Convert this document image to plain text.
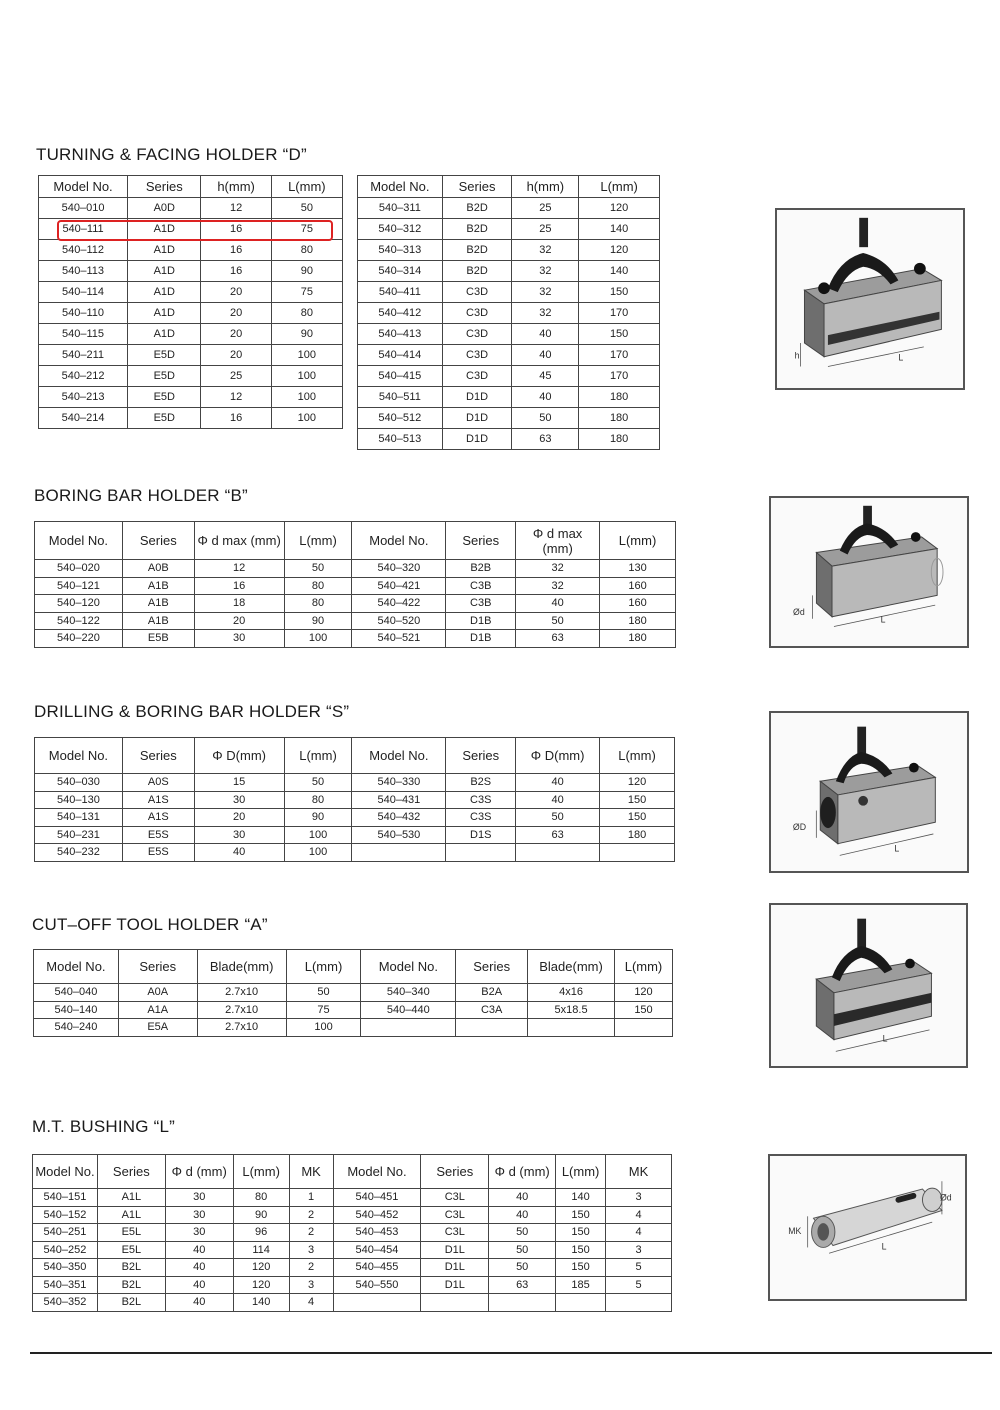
TURNING & FACING HOLDER “D”
Model No.	Series	h(mm)	L(mm)
540–010	A0D	12	50
540–111	A1D	16	75
540–112	A1D	16	80
540–113	A1D	16	90
540–114	A1D	20	75
540–110	A1D	20	80
540–115	A1D	20	90
540–211	E5D	20	100
540–212	E5D	25	100
540–213	E5D	12	100
540–214	E5D	16	100
Model No.	Series	h(mm)	L(mm)
540–311	B2D	25	120
540–312	B2D	25	140
540–313	B2D	32	120
540–314	B2D	32	140
540–411	C3D	32	150
540–412	C3D	32	170
540–413	C3D	40	150
540–414	C3D	40	170
540–415	C3D	45	170
540–511	D1D	40	180
540–512	D1D	50	180
540–513	D1D	63	180
h	L
BORING BAR HOLDER “B”
Model No.	Series	Φ d max (mm)	L(mm)	Model No.	Series	Φ d max (mm)	L(mm)
540–020	A0B	12	50	540–320	B2B	32	130
540–121	A1B	16	80	540–421	C3B	32	160
540–120	A1B	18	80	540–422	C3B	40	160
540–122	A1B	20	90	540–520	D1B	50	180
540–220	E5B	30	100	540–521	D1B	63	180
Ød
L
DRILLING & BORING BAR HOLDER “S”
Model No.	Series	Φ D(mm)	L(mm)	Model No.	Series	Φ D(mm)	L(mm)
540–030	A0S	15	50	540–330	B2S	40	120
540–130	A1S	30	80	540–431	C3S	40	150
540–131	A1S	20	90	540–432	C3S	50	150
540–231	E5S	30	100	540–530	D1S	63	180
540–232	E5S	40	100				
ØD
L
CUT–OFF TOOL HOLDER “A”
Model No.	Series	Blade(mm)	L(mm)	Model No.	Series	Blade(mm)	L(mm)
540–040	A0A	2.7x10	50	540–340	B2A	4x16	120
540–140	A1A	2.7x10	75	540–440	C3A	5x18.5	150
540–240	E5A	2.7x10	100				
L
M.T. BUSHING “L”
Model No.	Series	Φ d (mm)	L(mm)	MK	Model No.	Series	Φ d (mm)	L(mm)	MK
540–151	A1L	30	80	1	540–451	C3L	40	140	3
540–152	A1L	30	90	2	540–452	C3L	40	150	4
540–251	E5L	30	96	2	540–453	C3L	50	150	4
540–252	E5L	40	114	3	540–454	D1L	50	150	3
540–350	B2L	40	120	2	540–455	D1L	50	150	5
540–351	B2L	40	120	3	540–550	D1L	63	185	5
540–352	B2L	40	140	4					
MK
Ød
L
